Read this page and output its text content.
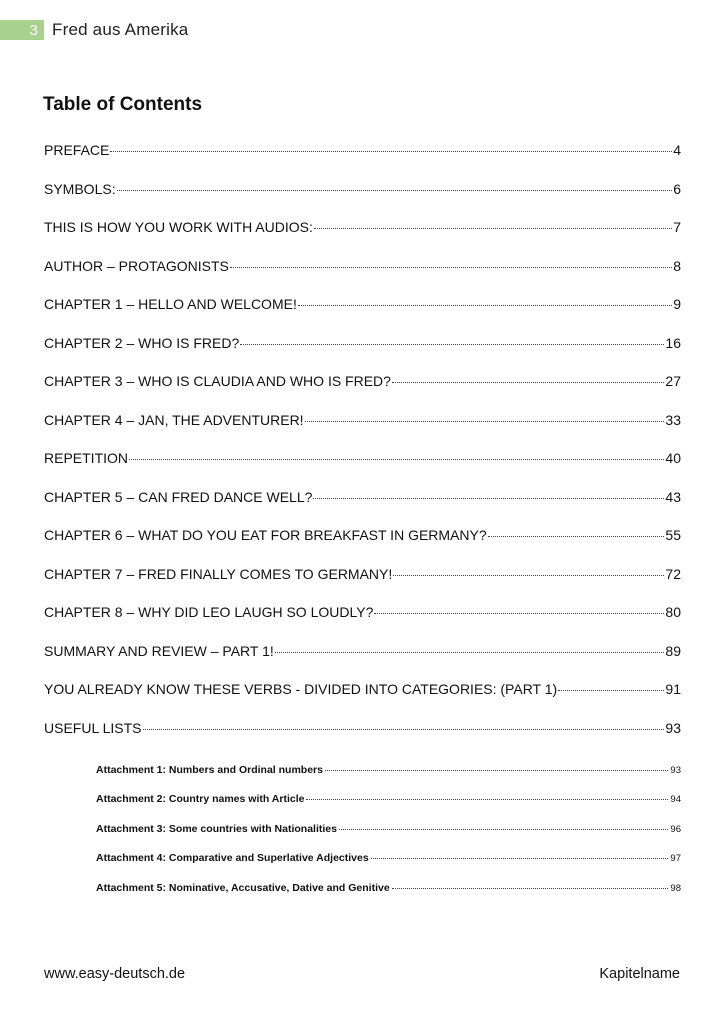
3 Fred aus Amerika
Table of Contents
PREFACE	4
SYMBOLS:	6
THIS IS HOW YOU WORK WITH AUDIOS:	7
AUTHOR – PROTAGONISTS	8
CHAPTER 1 – HELLO AND WELCOME!	9
CHAPTER 2 – WHO IS FRED?	16
CHAPTER 3 – WHO IS CLAUDIA AND WHO IS FRED?	27
CHAPTER 4 – JAN, THE ADVENTURER!	33
REPETITION	40
CHAPTER 5 – CAN FRED DANCE WELL?	43
CHAPTER 6 – WHAT DO YOU EAT FOR BREAKFAST IN GERMANY?	55
CHAPTER 7 – FRED FINALLY COMES TO GERMANY!	72
CHAPTER 8 – WHY DID LEO LAUGH SO LOUDLY?	80
SUMMARY AND REVIEW – PART 1!	89
YOU ALREADY KNOW THESE VERBS - DIVIDED INTO CATEGORIES: (PART 1)	91
USEFUL LISTS	93
Attachment 1: Numbers and Ordinal numbers	93
Attachment 2: Country names with Article	94
Attachment 3: Some countries with Nationalities	96
Attachment 4: Comparative and Superlative Adjectives	97
Attachment 5: Nominative, Accusative, Dative and Genitive	98
www.easy-deutsch.de	Kapitelname
